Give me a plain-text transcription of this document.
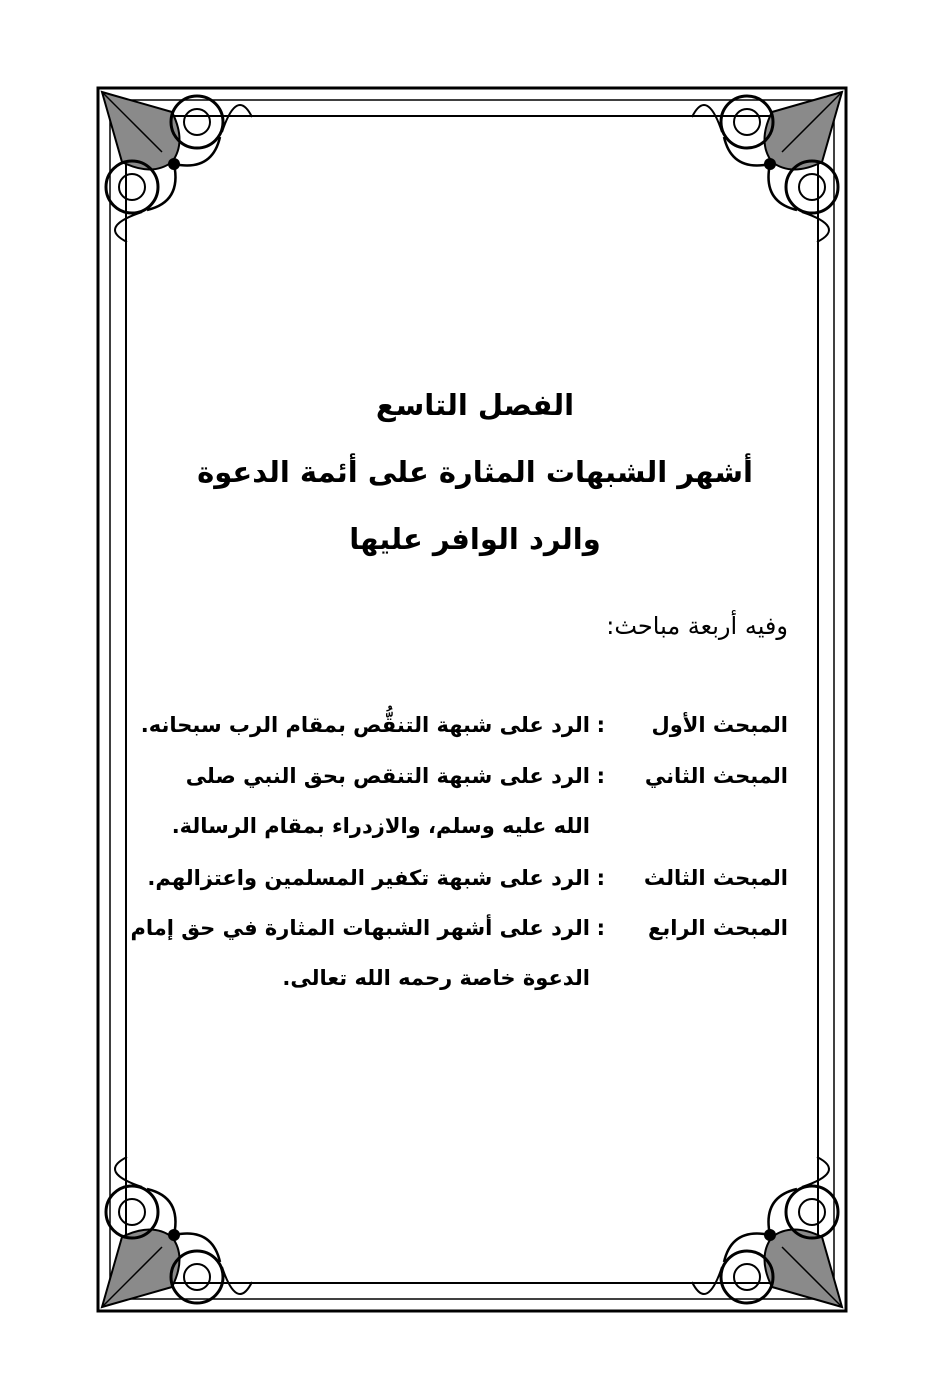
الفصل التاسع
أشهر الشبهات المثارة على أئمة الدعوة
والرد الوافر عليها
وفيه أربعة مباحث:
المبحث الأول
:
الرد على شبهة التنقُّص بمقام الرب سبحانه.
المبحث الثاني
:
الرد على شبهة التنقص بحق النبي صلى
الله عليه وسلم، والازدراء بمقام الرسالة.
المبحث الثالث
:
الرد على شبهة تكفير المسلمين واعتزالهم.
المبحث الرابع
:
الرد على أشهر الشبهات المثارة في حق إمام
الدعوة خاصة رحمه الله تعالى.
